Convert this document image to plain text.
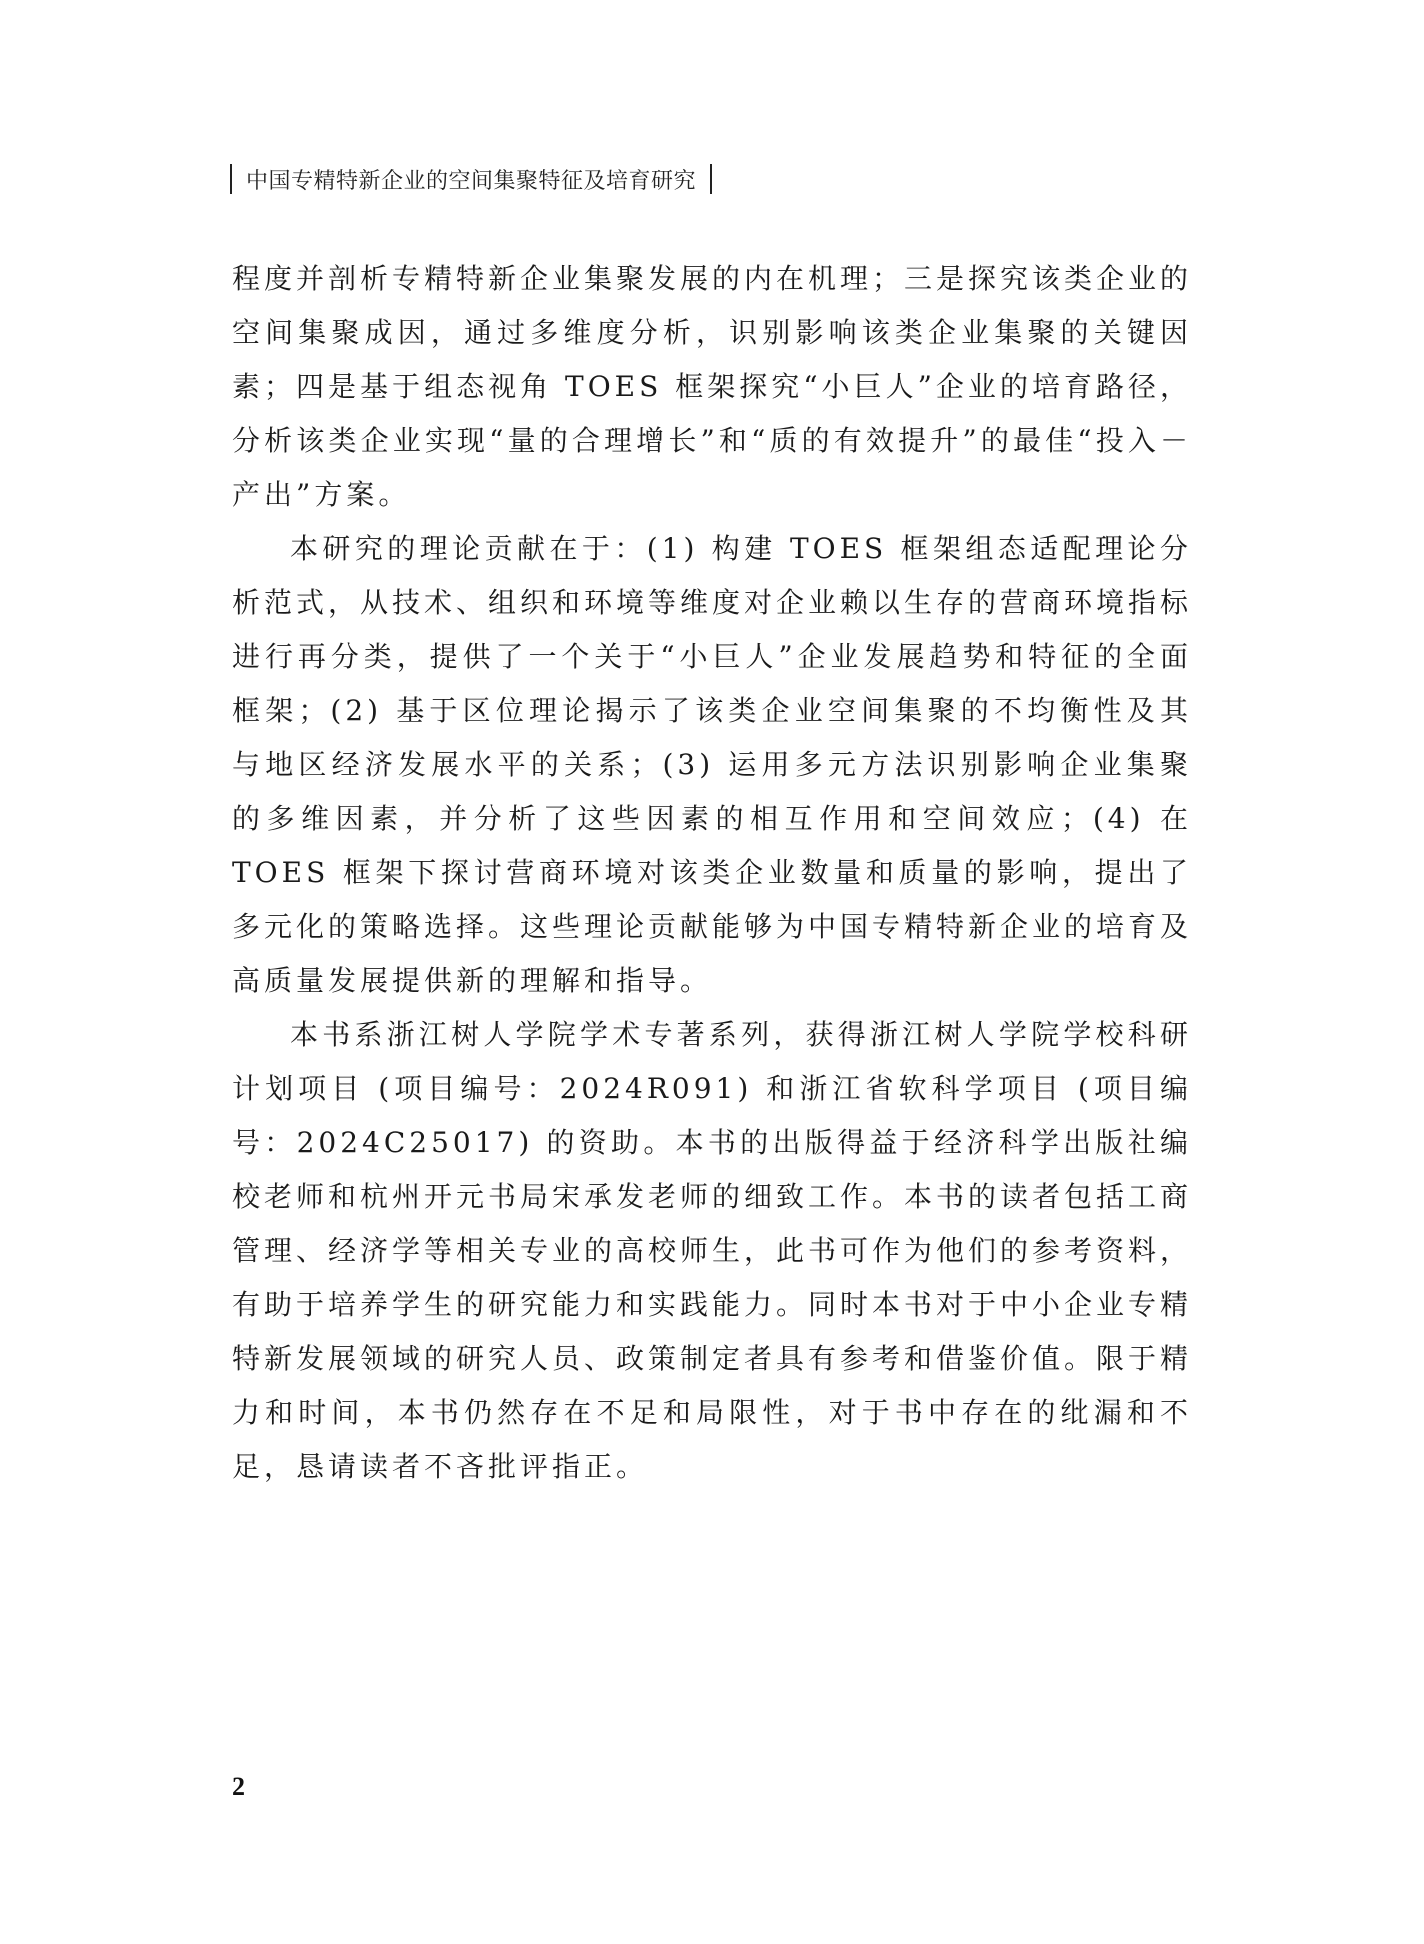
中国专精特新企业的空间集聚特征及培育研究

程度并剖析专精特新企业集聚发展的内在机理；三是探究该类企业的空间集聚成因，通过多维度分析，识别影响该类企业集聚的关键因素；四是基于组态视角 TOES 框架探究“小巨人”企业的培育路径，分析该类企业实现“量的合理增长”和“质的有效提升”的最佳“投入－产出”方案。

本研究的理论贡献在于：(1) 构建 TOES 框架组态适配理论分析范式，从技术、组织和环境等维度对企业赖以生存的营商环境指标进行再分类，提供了一个关于“小巨人”企业发展趋势和特征的全面框架；(2) 基于区位理论揭示了该类企业空间集聚的不均衡性及其与地区经济发展水平的关系；(3) 运用多元方法识别影响企业集聚的多维因素，并分析了这些因素的相互作用和空间效应；(4) 在 TOES 框架下探讨营商环境对该类企业数量和质量的影响，提出了多元化的策略选择。这些理论贡献能够为中国专精特新企业的培育及高质量发展提供新的理解和指导。

本书系浙江树人学院学术专著系列，获得浙江树人学院学校科研计划项目 (项目编号：2024R091) 和浙江省软科学项目 (项目编号：2024C25017) 的资助。本书的出版得益于经济科学出版社编校老师和杭州开元书局宋承发老师的细致工作。本书的读者包括工商管理、经济学等相关专业的高校师生，此书可作为他们的参考资料，有助于培养学生的研究能力和实践能力。同时本书对于中小企业专精特新发展领域的研究人员、政策制定者具有参考和借鉴价值。限于精力和时间，本书仍然存在不足和局限性，对于书中存在的纰漏和不足，恳请读者不吝批评指正。

2
